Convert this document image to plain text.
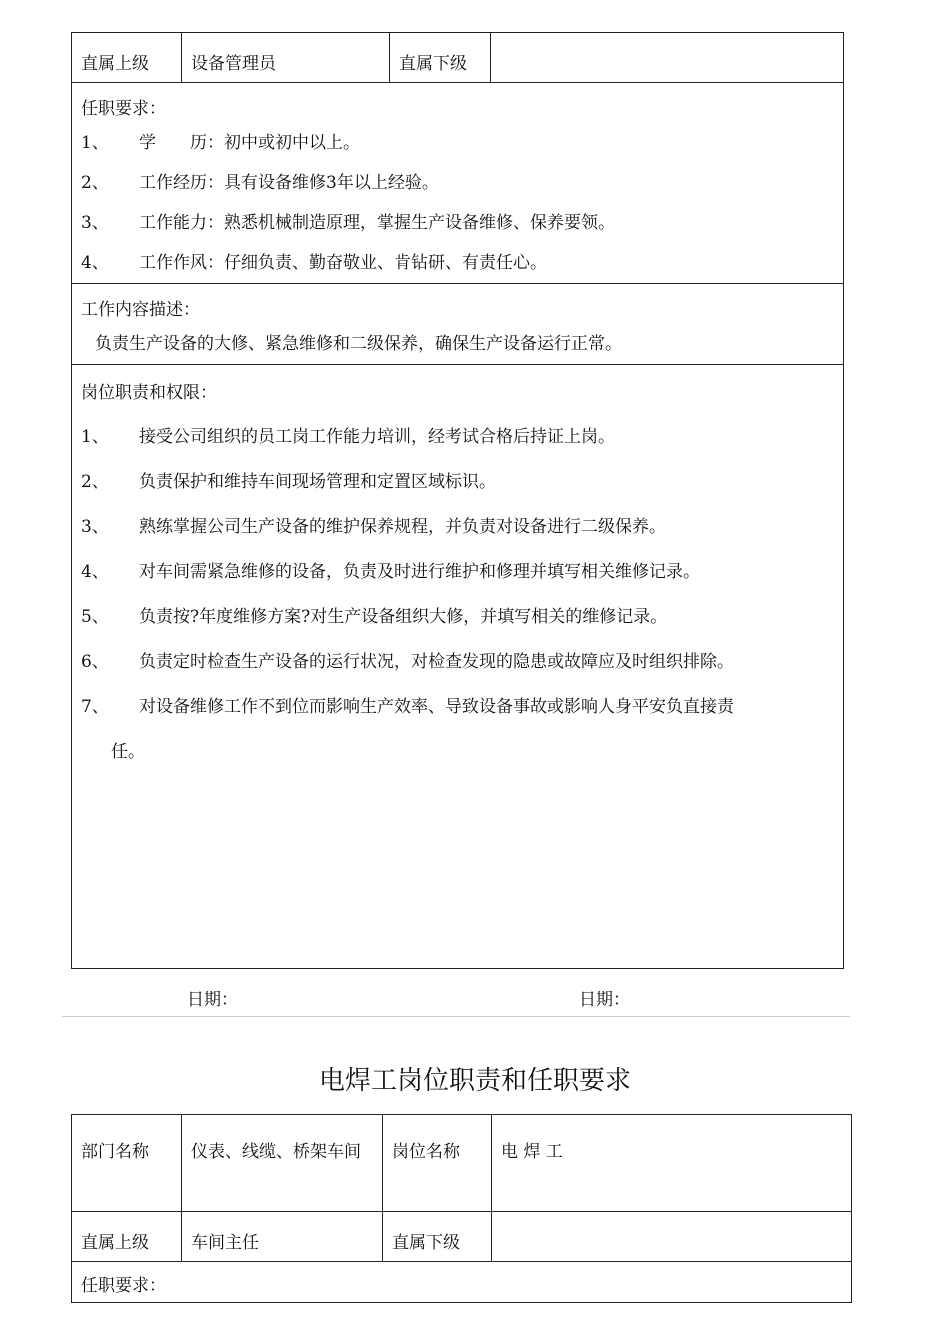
直属上级	设备管理员	直属下级

任职要求：
1、 学　　历：初中或初中以上。
2、 工作经历：具有设备维修3年以上经验。
3、 工作能力：熟悉机械制造原理，掌握生产设备维修、保养要领。
4、 工作作风：仔细负责、勤奋敬业、肯钻研、有责任心。

工作内容描述：
负责生产设备的大修、紧急维修和二级保养，确保生产设备运行正常。

岗位职责和权限：
1、 接受公司组织的员工岗工作能力培训，经考试合格后持证上岗。
2、 负责保护和维持车间现场管理和定置区域标识。
3、 熟练掌握公司生产设备的维护保养规程，并负责对设备进行二级保养。
4、 对车间需紧急维修的设备，负责及时进行维护和修理并填写相关维修记录。
5、 负责按?年度维修方案?对生产设备组织大修，并填写相关的维修记录。
6、 负责定时检查生产设备的运行状况，对检查发现的隐患或故障应及时组织排除。
7、 对设备维修工作不到位而影响生产效率、导致设备事故或影响人身平安负直接责
任。
日期：	日期：
电焊工岗位职责和任职要求
部门名称	仪表、线缆、桥架车间	岗位名称	电 焊 工

直属上级	车间主任	直属下级	

任职要求：			
